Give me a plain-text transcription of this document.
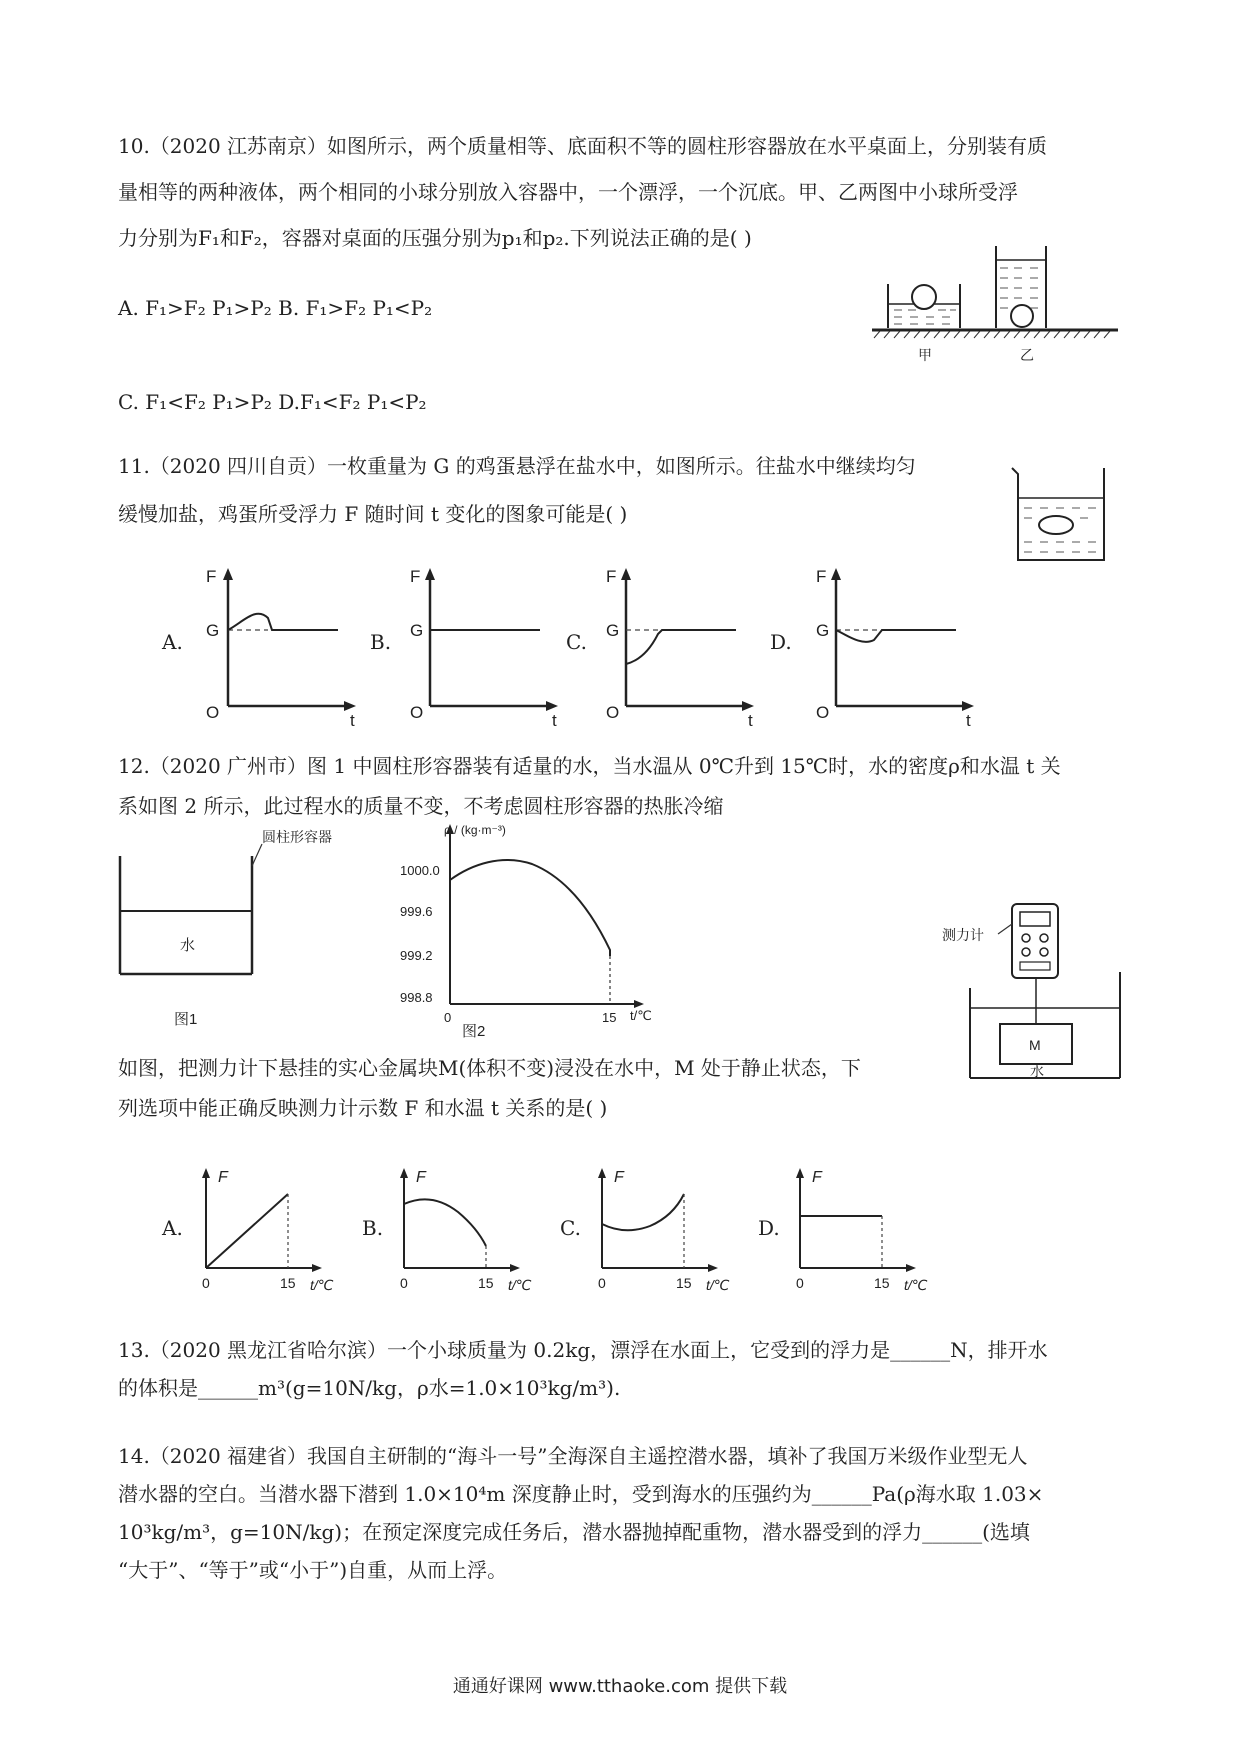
10.（2020 江苏南京）如图所示，两个质量相等、底面积不等的圆柱形容器放在水平桌面上，分别装有质
量相等的两种液体，两个相同的小球分别放入容器中，一个漂浮，一个沉底。甲、乙两图中小球所受浮
力分别为F₁和F₂，容器对桌面的压强分别为p₁和p₂.下列说法正确的是( )
A. F₁>F₂ P₁>P₂ B. F₁>F₂ P₁<P₂
C. F₁<F₂ P₁>P₂ D.F₁<F₂ P₁<P₂
甲	乙
11.（2020 四川自贡）一枚重量为 G 的鸡蛋悬浮在盐水中，如图所示。往盐水中继续均匀
缓慢加盐，鸡蛋所受浮力 F 随时间 t 变化的图象可能是( )
A.
F
G
O	t
B.
F
G
O	t
C.
F
G
O	t
D.
F
G
O	t
12.（2020 广州市）图 1 中圆柱形容器装有适量的水，当水温从 0℃升到 15℃时，水的密度ρ和水温 t 关
系如图 2 所示，此过程水的质量不变，不考虑圆柱形容器的热胀冷缩
圆柱形容器
水
图1
ρ / (kg·m⁻³)
1000.0
999.6
999.2
998.8
0	15 t/℃
图2
测力计
M
水
如图，把测力计下悬挂的实心金属块M(体积不变)浸没在水中，M 处于静止状态，下
列选项中能正确反映测力计示数 F 和水温 t 关系的是( )
A.
F
0	15 t/℃
B.
F
0	15 t/℃
C.
F
0	15 t/℃
D.
F
0	15 t/℃
13.（2020 黑龙江省哈尔滨）一个小球质量为 0.2kg，漂浮在水面上，它受到的浮力是______N，排开水
的体积是______m³(g=10N/kg，ρ水=1.0×10³kg/m³).
14.（2020 福建省）我国自主研制的“海斗一号”全海深自主遥控潜水器，填补了我国万米级作业型无人
潜水器的空白。当潜水器下潜到 1.0×10⁴m 深度静止时，受到海水的压强约为______Pa(ρ海水取 1.03×
10³kg/m³，g=10N/kg)；在预定深度完成任务后，潜水器抛掉配重物，潜水器受到的浮力______(选填
“大于”、“等于”或“小于”)自重，从而上浮。
通通好课网 www.tthaoke.com 提供下载
